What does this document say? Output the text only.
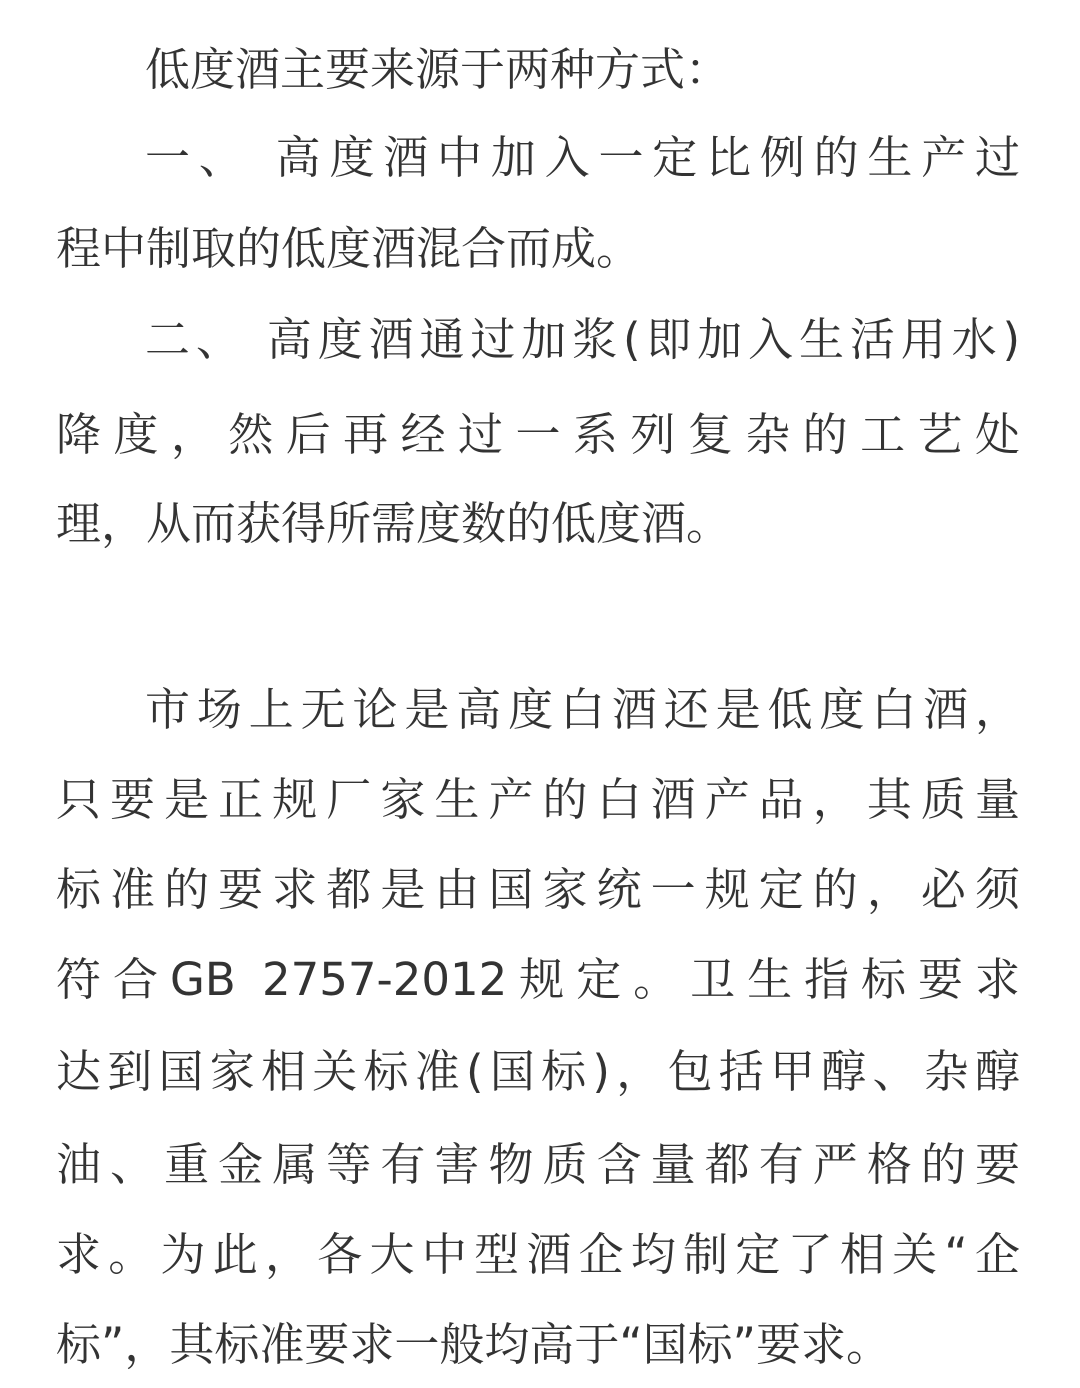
低度酒主要来源于两种方式：
一、 高度酒中加入一定比例的生产过
程中制取的低度酒混合而成。
二、 高度酒通过加浆(即加入生活用水)
降度，然后再经过一系列复杂的工艺处
理，从而获得所需度数的低度酒。
市场上无论是高度白酒还是低度白酒，
只要是正规厂家生产的白酒产品，其质量
标准的要求都是由国家统一规定的，必须
符合GB 2757-2012规定。卫生指标要求
达到国家相关标准(国标)，包括甲醇、杂醇
油、重金属等有害物质含量都有严格的要
求。为此，各大中型酒企均制定了相关“企
标”，其标准要求一般均高于“国标”要求。
